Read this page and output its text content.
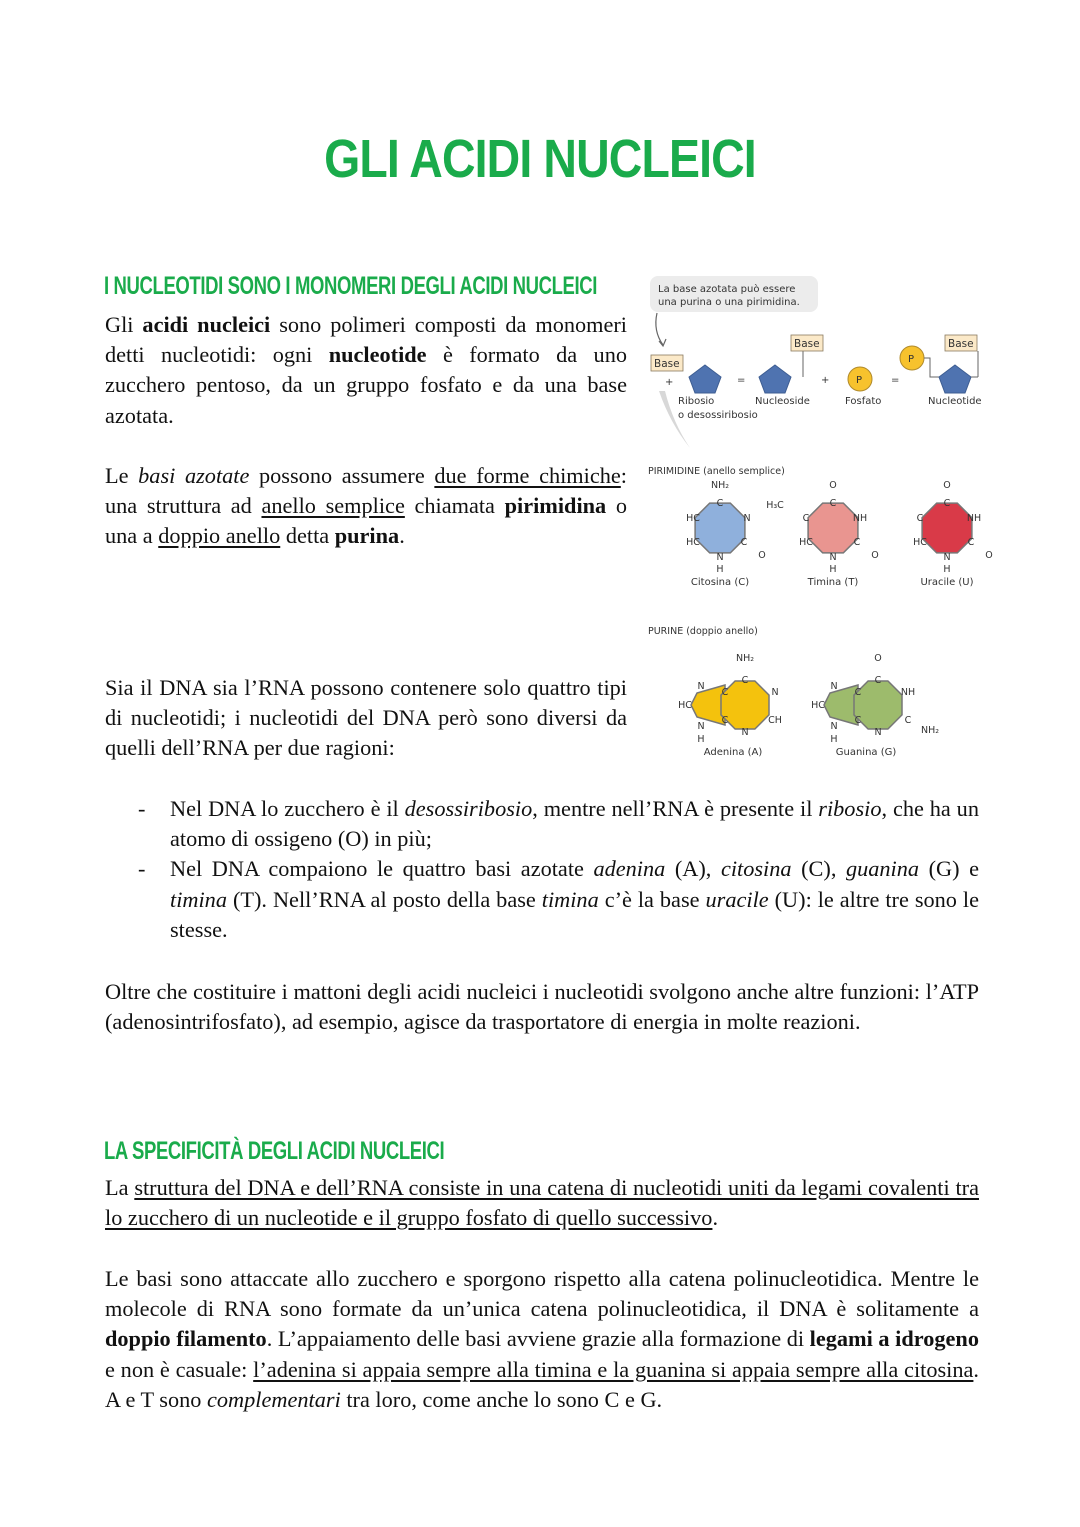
GLI ACIDI NUCLEICI
I NUCLEOTIDI SONO I MONOMERI DEGLI ACIDI NUCLEICI
Gli acidi nucleici sono polimeri composti da monomeri detti nucleotidi: ogni nucleotide è formato da uno zucchero pentoso, da un gruppo fosfato e da una base azotata.
Le basi azotate possono assumere due forme chimiche: una struttura ad anello semplice chiamata pirimidina o una a doppio anello detta purina.
Sia il DNA sia l’RNA possono contenere solo quattro tipi di nucleotidi; i nucleotidi del DNA però sono diversi da quelli dell’RNA per due ragioni:
- Nel DNA lo zucchero è il desossiribosio, mentre nell’RNA è presente il ribosio, che ha un atomo di ossigeno (O) in più;
- Nel DNA compaiono le quattro basi azotate adenina (A), citosina (C), guanina (G) e timina (T). Nell’RNA al posto della base timina c’è la base uracile (U): le altre tre sono le stesse.
Oltre che costituire i mattoni degli acidi nucleici i nucleotidi svolgono anche altre funzioni: l’ATP (adenosintrifosfato), ad esempio, agisce da trasportatore di energia in molte reazioni.
LA SPECIFICITÀ DEGLI ACIDI NUCLEICI
La struttura del DNA e dell’RNA consiste in una catena di nucleotidi uniti da legami covalenti tra lo zucchero di un nucleotide e il gruppo fosfato di quello successivo.
Le basi sono attaccate allo zucchero e sporgono rispetto alla catena polinucleotidica. Mentre le molecole di RNA sono formate da un’unica catena polinucleotidica, il DNA è solitamente a doppio filamento. L’appaiamento delle basi avviene grazie alla formazione di legami a idrogeno e non è casuale: l’adenina si appaia sempre alla timina e la guanina si appaia sempre alla citosina. A e T sono complementari tra loro, come anche lo sono C e G.
La base azotata può essere
una purina o una pirimidina.
Base
+	=
Base
+	P	=
P
Base
Ribosio
o desossiribosio
Nucleoside	Fosfato	Nucleotide
PIRIMIDINE (anello semplice)
NH₂
C
HC	N
HC	C
N
H
O
Citosina (C)
O
C
C	NH
HC	C
N
H
O
H₃C
Timina (T)
O
C
C	NH
HC	C
N
H
O
Uracile (U)
PURINE (doppio anello)
NH₂
N
HC
N
C
C
C
N
CH
N
H
Adenina (A)
O
N
HC
N
C
C
C
NH
C
N
H
NH₂
Guanina (G)
